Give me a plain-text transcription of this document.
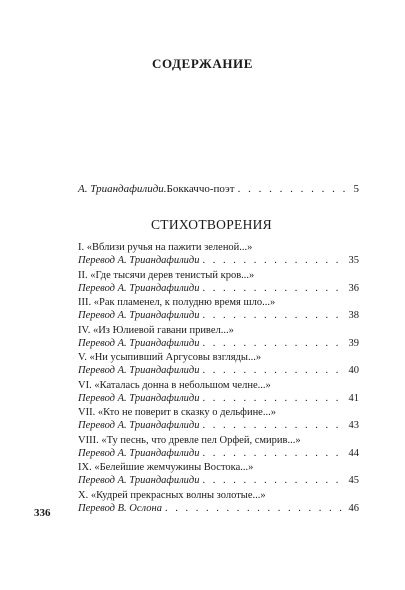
СОДЕРЖАНИЕ
А. Триандафилиди. Боккаччо-поэт . . .	5
СТИХОТВОРЕНИЯ
I. «Вблизи ручья на пажити зеленой...»
Перевод А. Триандафилиди . . .	35
II. «Где тысячи дерев тенистый кров...»
Перевод А. Триандафилиди . . .	36
III. «Рак пламенел, к полудню время шло...»
Перевод А. Триандафилиди . . .	38
IV. «Из Юлиевой гавани привел...»
Перевод А. Триандафилиди . . .	39
V. «Ни усыпивший Аргусовы взгляды...»
Перевод А. Триандафилиди . . .	40
VI. «Каталась донна в небольшом челне...»
Перевод А. Триандафилиди . . .	41
VII. «Кто не поверит в сказку о дельфине...»
Перевод А. Триандафилиди . . .	43
VIII. «Ту песнь, что древле пел Орфей, смирив...»
Перевод А. Триандафилиди . . .	44
IX. «Белейшие жемчужины Востока...»
Перевод А. Триандафилиди . . .	45
X. «Кудрей прекрасных волны золотые...»
Перевод В. Ослона . . .	46
336
